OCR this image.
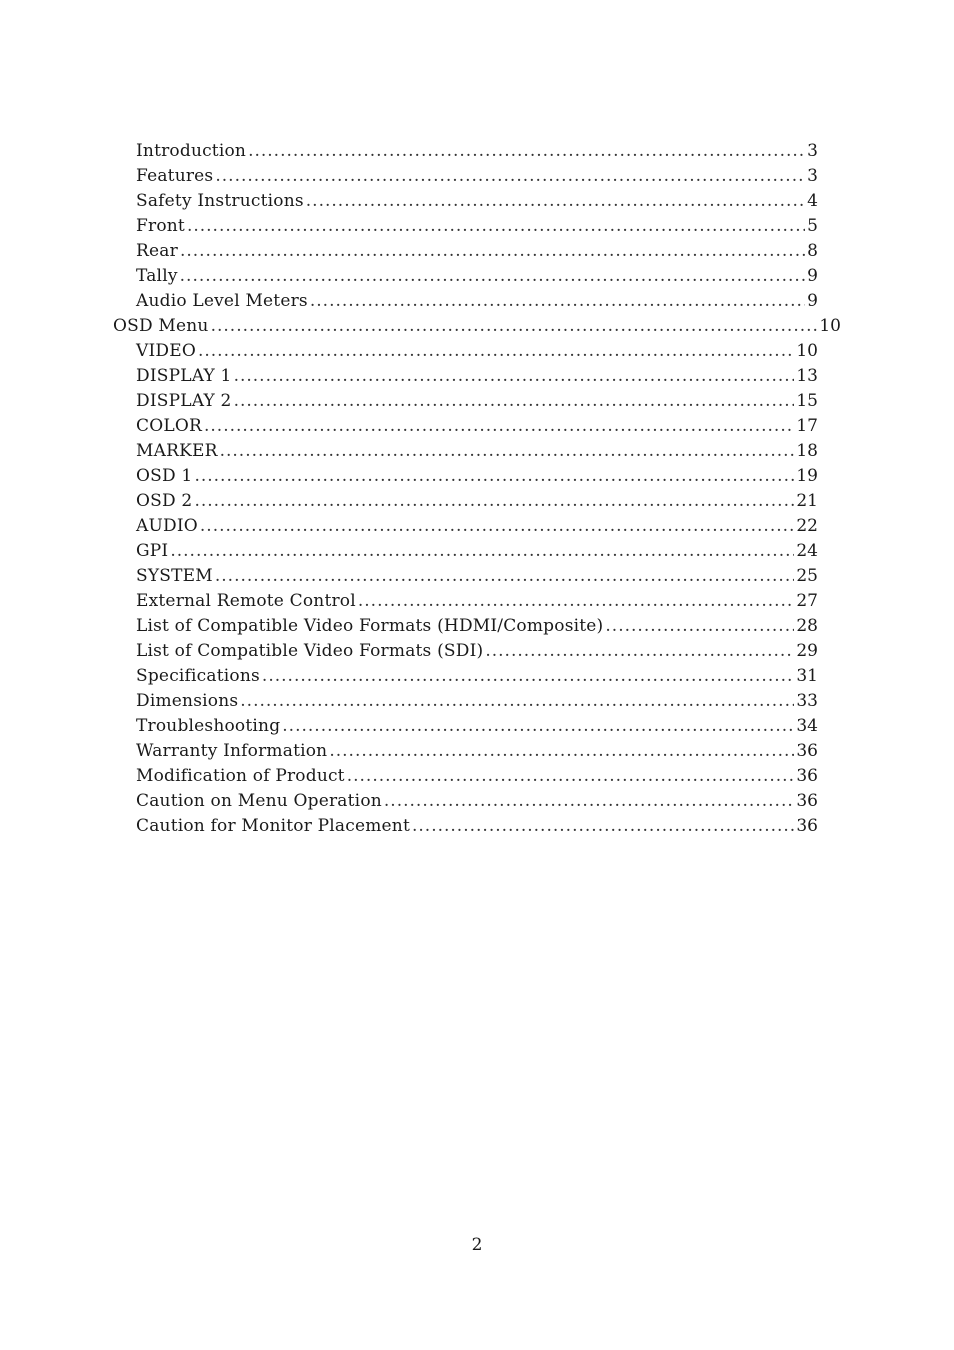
Introduction .....	3
Features .....	3
Safety Instructions .....	4
Front .....	5
Rear .....	8
Tally .....	9
Audio Level Meters .....	9
OSD Menu .....	10
VIDEO .....	10
DISPLAY 1 .....	13
DISPLAY 2 .....	15
COLOR .....	17
MARKER .....	18
OSD 1 .....	19
OSD 2 .....	21
AUDIO .....	22
GPI .....	24
SYSTEM .....	25
External Remote Control .....	27
List of Compatible Video Formats (HDMI/Composite) .....	28
List of Compatible Video Formats (SDI) .....	29
Specifications .....	31
Dimensions .....	33
Troubleshooting .....	34
Warranty Information .....	36
Modification of Product .....	36
Caution on Menu Operation .....	36
Caution for Monitor Placement .....	36
2
